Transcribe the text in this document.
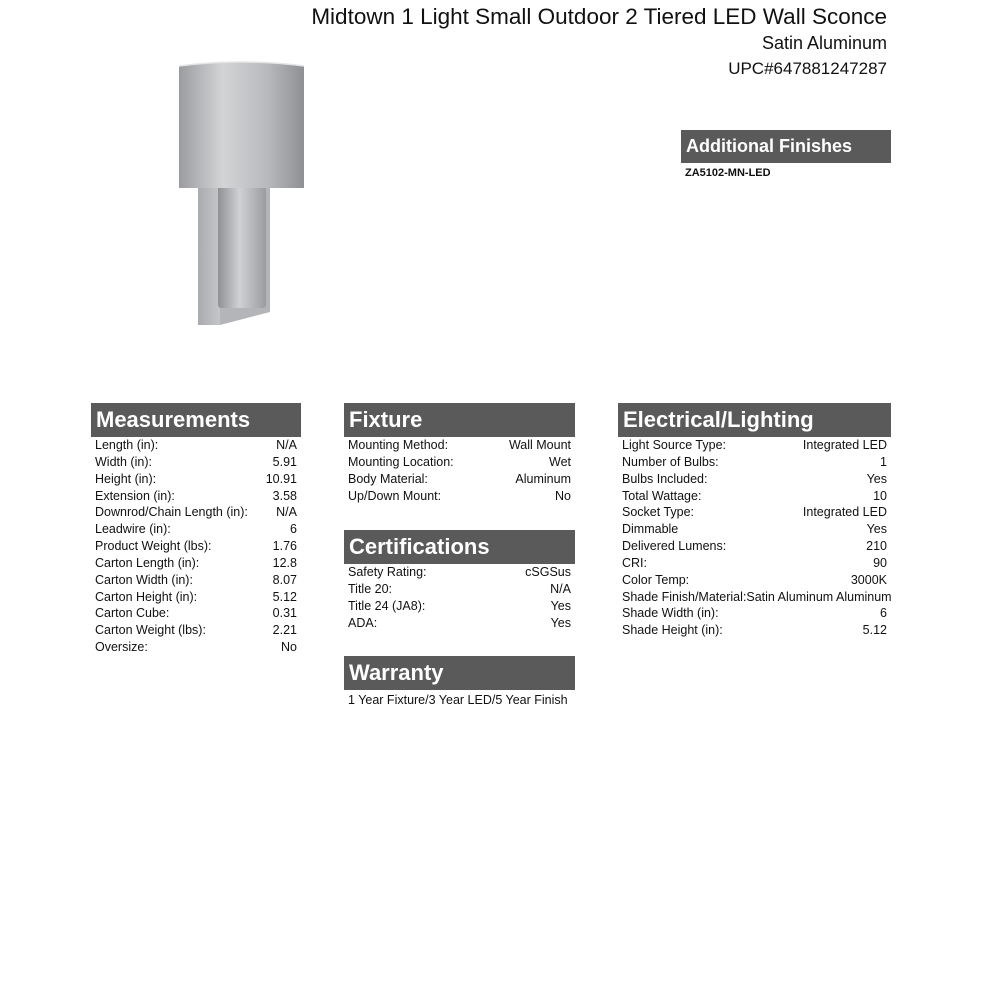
Midtown 1 Light Small Outdoor 2 Tiered LED Wall Sconce
Satin Aluminum
UPC#647881247287
Additional Finishes
ZA5102-MN-LED
Measurements
Length (in):	N/A
Width (in):	5.91
Height (in):	10.91
Extension (in):	3.58
Downrod/Chain Length (in): N/A
Leadwire (in):	6
Product Weight (lbs):	1.76
Carton Length (in):	12.8
Carton Width (in):	8.07
Carton Height (in):	5.12
Carton Cube:	0.31
Carton Weight (lbs):	2.21
Oversize:	No
Fixture
Mounting Method:	Wall Mount
Mounting Location:	Wet
Body Material:	Aluminum
Up/Down Mount:	No
Certifications
Safety Rating:	cSGSus
Title 20:	N/A
Title 24 (JA8):	Yes
ADA:	Yes
Warranty
1 Year Fixture/3 Year LED/5 Year Finish
Electrical/Lighting
Light Source Type:	Integrated LED
Number of Bulbs:	1
Bulbs Included:	Yes
Total Wattage:	10
Socket Type:	Integrated LED
Dimmable	Yes
Delivered Lumens:	210
CRI:	90
Color Temp:	3000K
Shade Finish/Material: Satin Aluminum Aluminum
Shade Width (in):	6
Shade Height (in):	5.12
